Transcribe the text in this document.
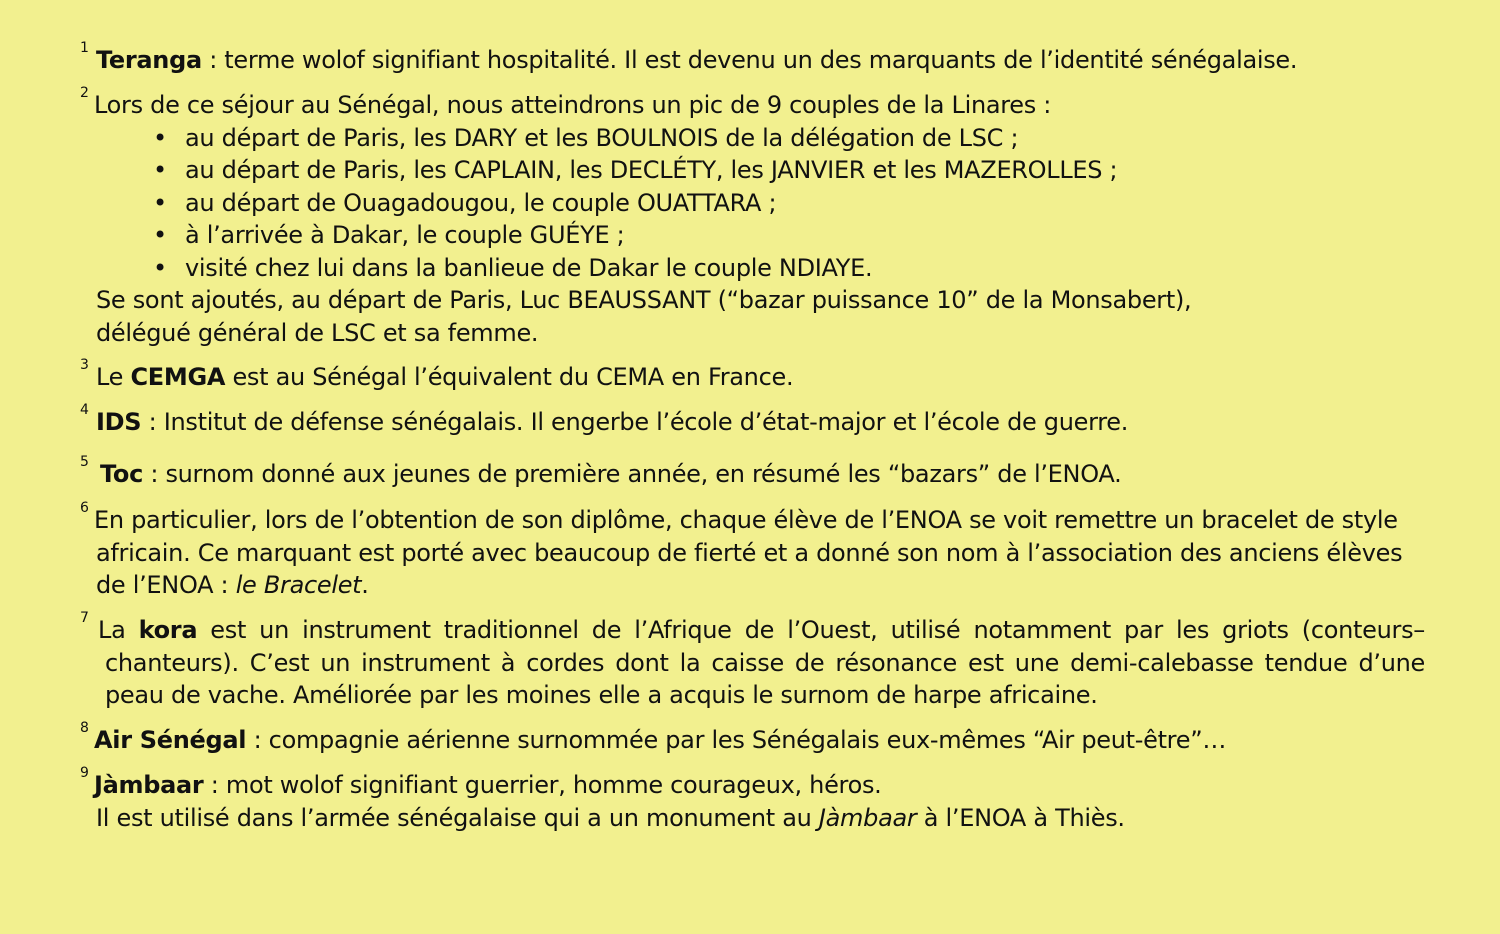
1 Teranga : terme wolof signifiant hospitalité. Il est devenu un des marquants de l’identité sénégalaise.
2 Lors de ce séjour au Sénégal, nous atteindrons un pic de 9 couples de la Linares :
• au départ de Paris, les DARY et les BOULNOIS de la délégation de LSC ;
• au départ de Paris, les CAPLAIN, les DECLÉTY, les JANVIER et les MAZEROLLES ;
• au départ de Ouagadougou, le couple OUATTARA ;
• à l’arrivée à Dakar, le couple GUÉYE ;
• visité chez lui dans la banlieue de Dakar le couple NDIAYE.
Se sont ajoutés, au départ de Paris, Luc BEAUSSANT (“bazar puissance 10” de la Monsabert),
délégué général de LSC et sa femme.
3 Le CEMGA est au Sénégal l’équivalent du CEMA en France.
4 IDS : Institut de défense sénégalais. Il engerbe l’école d’état-major et l’école de guerre.
5 Toc : surnom donné aux jeunes de première année, en résumé les “bazars” de l’ENOA.
6 En particulier, lors de l’obtention de son diplôme, chaque élève de l’ENOA se voit remettre un bracelet de style
africain. Ce marquant est porté avec beaucoup de fierté et a donné son nom à l’association des anciens élèves
de l’ENOA : le Bracelet.
7 La kora est un instrument traditionnel de l’Afrique de l’Ouest, utilisé notamment par les griots (conteurs–
chanteurs). C’est un instrument à cordes dont la caisse de résonance est une demi-calebasse tendue d’une
peau de vache. Améliorée par les moines elle a acquis le surnom de harpe africaine.
8 Air Sénégal : compagnie aérienne surnommée par les Sénégalais eux-mêmes “Air peut-être”…
9 Jàmbaar : mot wolof signifiant guerrier, homme courageux, héros.
Il est utilisé dans l’armée sénégalaise qui a un monument au Jàmbaar à l’ENOA à Thiès.
